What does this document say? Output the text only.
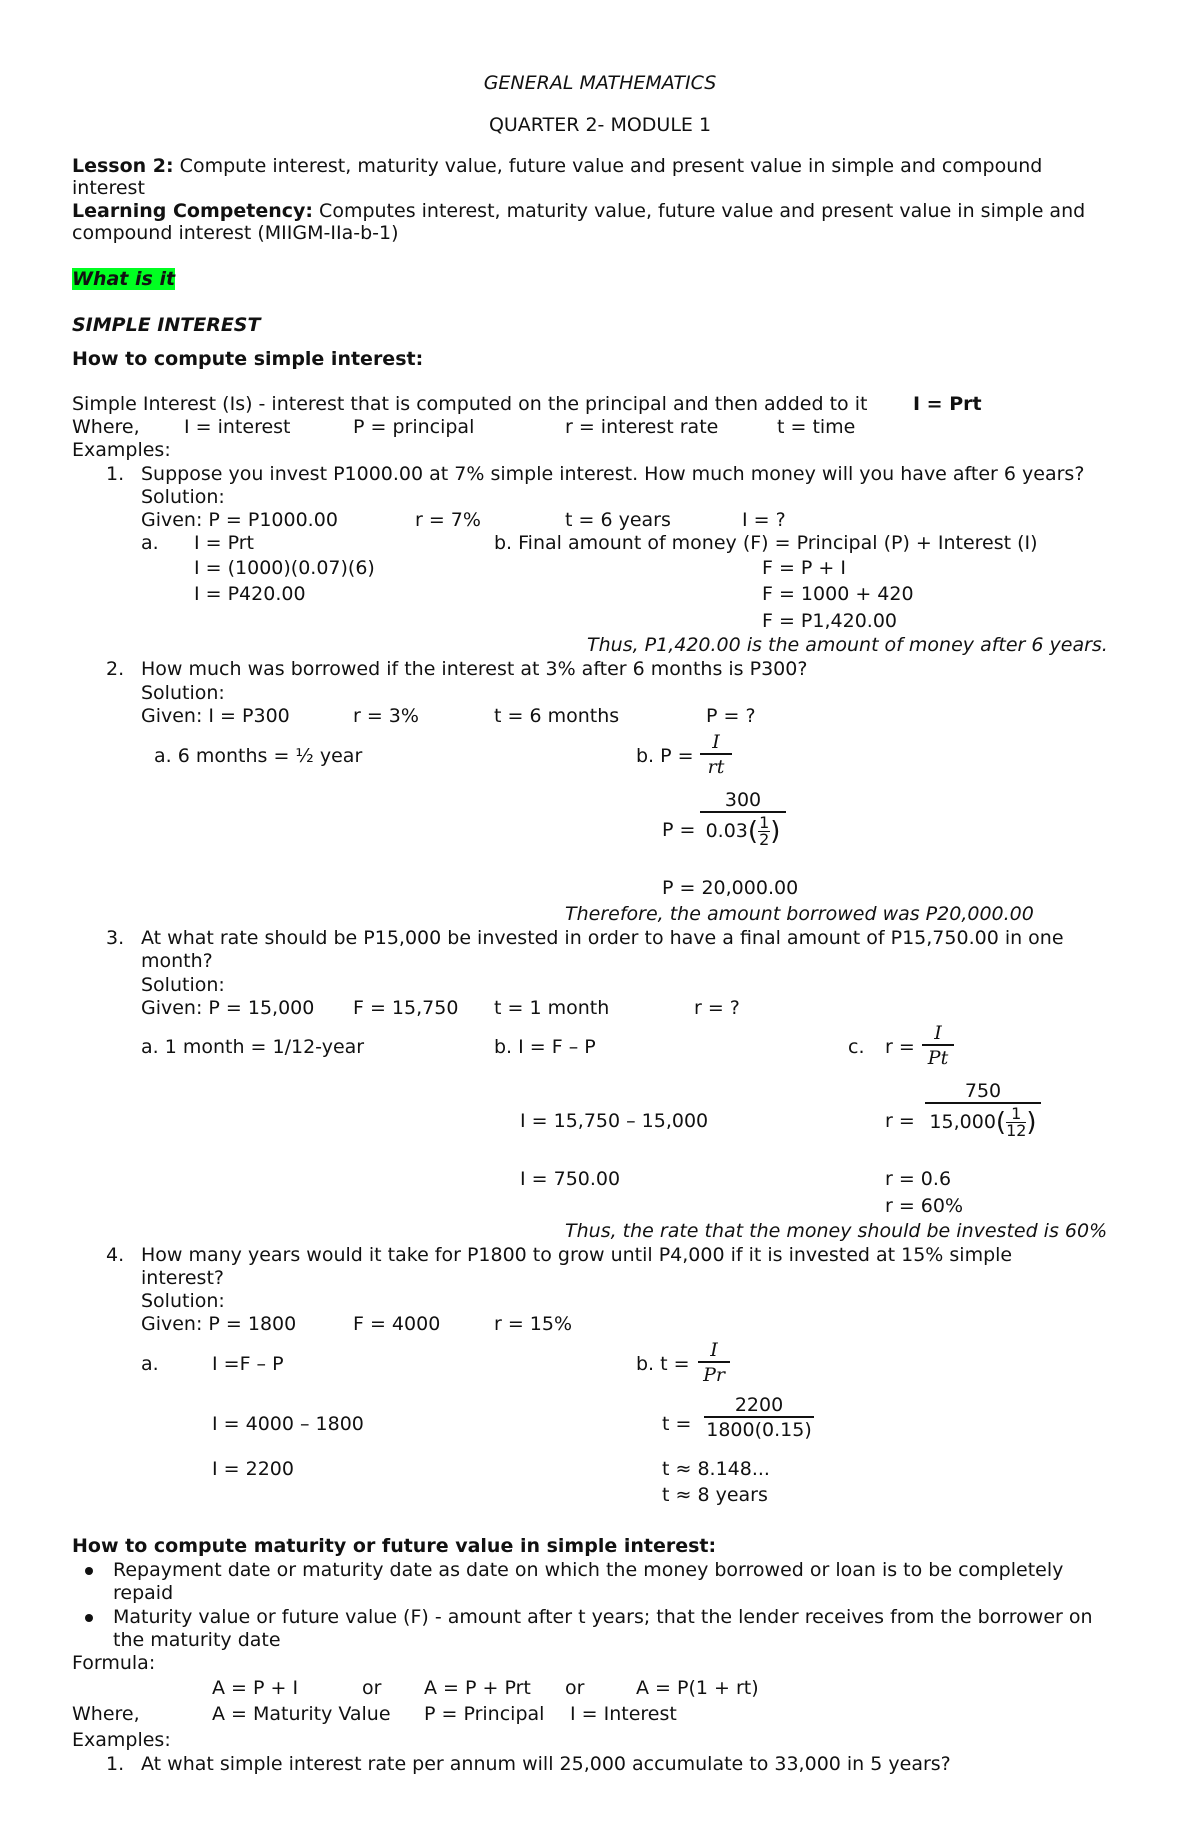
GENERAL MATHEMATICS
QUARTER 2- MODULE 1
Lesson 2: Compute interest, maturity value, future value and present value in simple and compound
interest
Learning Competency: Computes interest, maturity value, future value and present value in simple and
compound interest (MIIGM-IIa-b-1)
What is it
SIMPLE INTEREST
How to compute simple interest:
Simple Interest (Is) - interest that is computed on the principal and then added to it I = Prt
Where, I = interest	P = principal	r = interest rate	t = time
Examples:
1. Suppose you invest P1000.00 at 7% simple interest. How much money will you have after 6 years?
Solution:
Given: P = P1000.00	r = 7%	t = 6 years	I = ?
a. I = Prt
I = (1000)(0.07)(6)
I = P420.00
b. Final amount of money (F) = Principal (P) + Interest (I)
F = P + I
F = 1000 + 420
F = P1,420.00
Thus, P1,420.00 is the amount of money after 6 years.
2. How much was borrowed if the interest at 3% after 6 months is P300?
Solution:
Given: I = P300	r = 3%	t = 6 months	P = ?
a. 6 months = ½ year	b. P =
I
rt
P =
300
$0.03( \frac{1}{2}$ )
P = 20,000.00
Therefore, the amount borrowed was P20,000.00
3. At what rate should be P15,000 be invested in order to have a final amount of P15,750.00 in one
month?
Solution:
Given: P = 15,000 F = 15,750 t = 1 month	r = ?
a. 1 month = 1/12-year	b. I = F – P	c. r =
I
Pt
I = 15,750 – 15,000	r =
750
$15,000( \frac{1}{12}$ )
I = 750.00	r = 0.6
r = 60%
Thus, the rate that the money should be invested is 60%
4. How many years would it take for P1800 to grow until P4,000 if it is invested at 15% simple
interest?
Solution:
Given: P = 1800	F = 4000	r = 15%
a.	I =F – P	b. t =
I
Pr
I = 4000 – 1800	t =
2200
1800(0.15)
I = 2200	t ≈ 8.148...
t ≈ 8 years
How to compute maturity or future value in simple interest:
Repayment date or maturity date as date on which the money borrowed or loan is to be completely
repaid
Maturity value or future value (F) - amount after t years; that the lender receives from the borrower on
the maturity date
Formula:
A = P + I	or A = P + Prt or	A = P(1 + rt)
Where,	A = Maturity Value P = Principal I = Interest
Examples:
1. At what simple interest rate per annum will 25,000 accumulate to 33,000 in 5 years?
